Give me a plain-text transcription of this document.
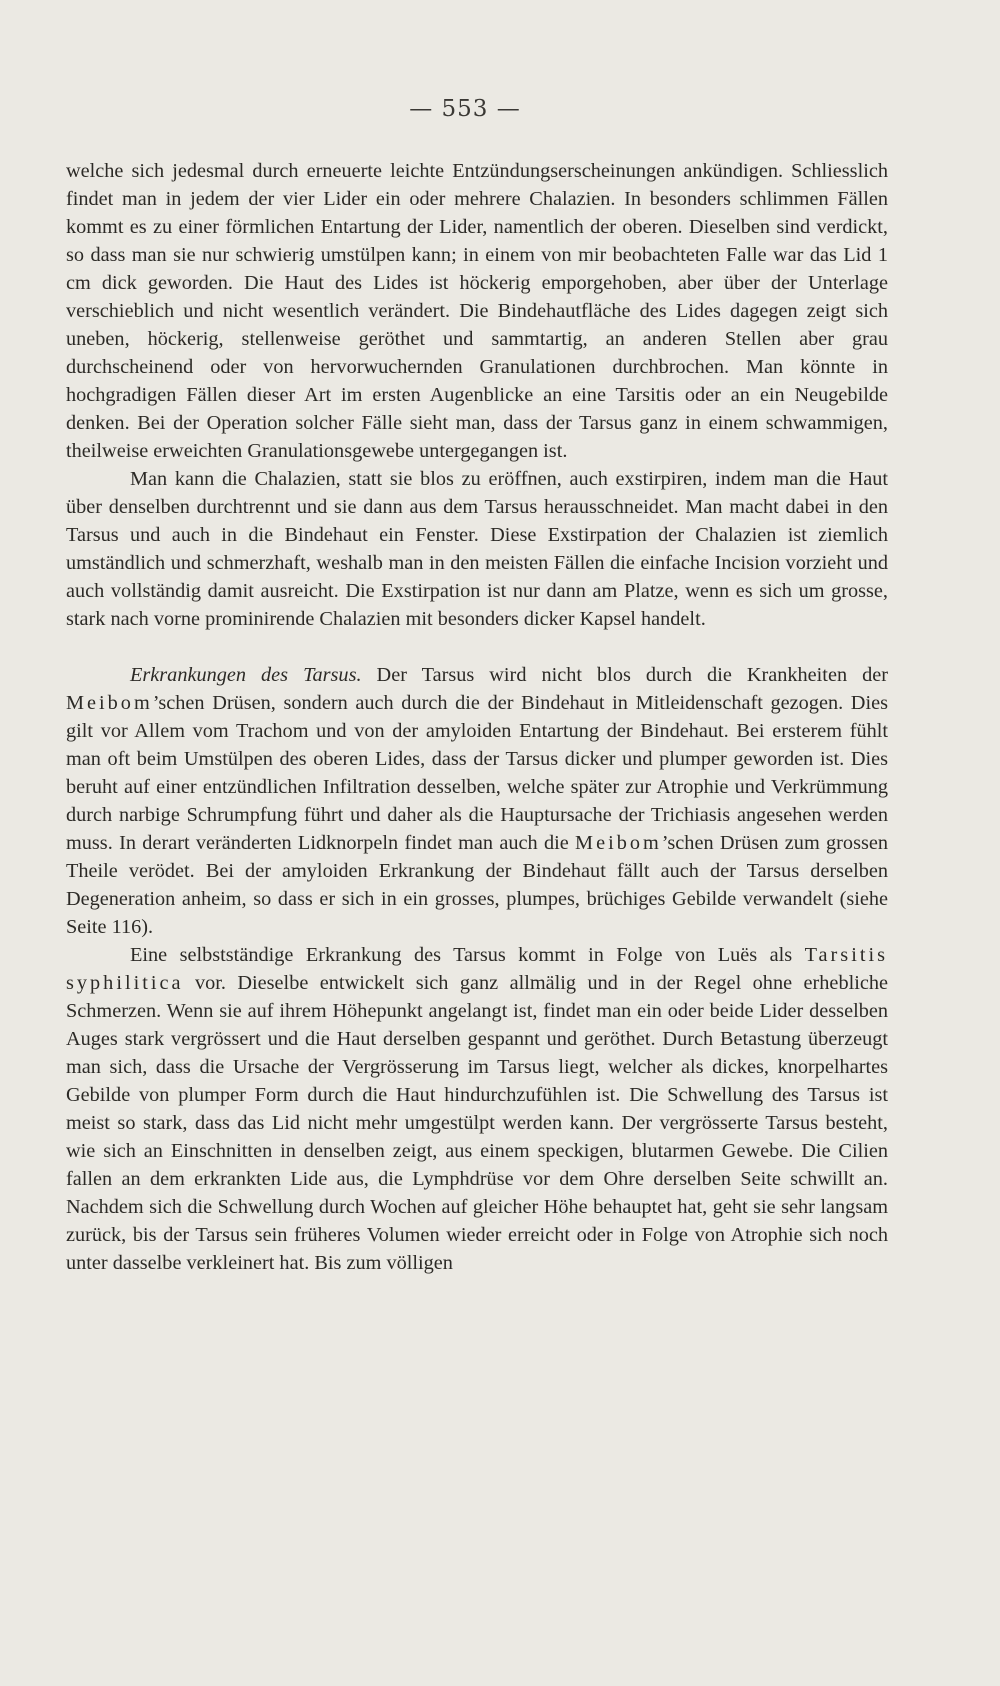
— 553 —

welche sich jedesmal durch erneuerte leichte Entzündungserscheinungen ankündigen. Schliesslich findet man in jedem der vier Lider ein oder mehrere Chalazien. In besonders schlimmen Fällen kommt es zu einer förmlichen Entartung der Lider, namentlich der oberen. Dieselben sind verdickt, so dass man sie nur schwierig umstülpen kann; in einem von mir beobachteten Falle war das Lid 1 cm dick geworden. Die Haut des Lides ist höckerig emporgehoben, aber über der Unterlage verschieblich und nicht wesentlich verändert. Die Bindehautfläche des Lides dagegen zeigt sich uneben, höckerig, stellenweise geröthet und sammtartig, an anderen Stellen aber grau durchscheinend oder von hervorwuchernden Granulationen durchbrochen. Man könnte in hochgradigen Fällen dieser Art im ersten Augenblicke an eine Tarsitis oder an ein Neugebilde denken. Bei der Operation solcher Fälle sieht man, dass der Tarsus ganz in einem schwammigen, theilweise erweichten Granulationsgewebe untergegangen ist.

Man kann die Chalazien, statt sie blos zu eröffnen, auch exstirpiren, indem man die Haut über denselben durchtrennt und sie dann aus dem Tarsus herausschneidet. Man macht dabei in den Tarsus und auch in die Bindehaut ein Fenster. Diese Exstirpation der Chalazien ist ziemlich umständlich und schmerzhaft, weshalb man in den meisten Fällen die einfache Incision vorzieht und auch vollständig damit ausreicht. Die Exstirpation ist nur dann am Platze, wenn es sich um grosse, stark nach vorne prominirende Chalazien mit besonders dicker Kapsel handelt.

Erkrankungen des Tarsus. Der Tarsus wird nicht blos durch die Krankheiten der Meibom’schen Drüsen, sondern auch durch die der Bindehaut in Mitleidenschaft gezogen. Dies gilt vor Allem vom Trachom und von der amyloiden Entartung der Bindehaut. Bei ersterem fühlt man oft beim Umstülpen des oberen Lides, dass der Tarsus dicker und plumper geworden ist. Dies beruht auf einer entzündlichen Infiltration desselben, welche später zur Atrophie und Verkrümmung durch narbige Schrumpfung führt und daher als die Hauptursache der Trichiasis angesehen werden muss. In derart veränderten Lidknorpeln findet man auch die Meibom’schen Drüsen zum grossen Theile verödet. Bei der amyloiden Erkrankung der Bindehaut fällt auch der Tarsus derselben Degeneration anheim, so dass er sich in ein grosses, plumpes, brüchiges Gebilde verwandelt (siehe Seite 116).

Eine selbstständige Erkrankung des Tarsus kommt in Folge von Luës als Tarsitis syphilitica vor. Dieselbe entwickelt sich ganz allmälig und in der Regel ohne erhebliche Schmerzen. Wenn sie auf ihrem Höhepunkt angelangt ist, findet man ein oder beide Lider desselben Auges stark vergrössert und die Haut derselben gespannt und geröthet. Durch Betastung überzeugt man sich, dass die Ursache der Vergrösserung im Tarsus liegt, welcher als dickes, knorpelhartes Gebilde von plumper Form durch die Haut hindurchzufühlen ist. Die Schwellung des Tarsus ist meist so stark, dass das Lid nicht mehr umgestülpt werden kann. Der vergrösserte Tarsus besteht, wie sich an Einschnitten in denselben zeigt, aus einem speckigen, blutarmen Gewebe. Die Cilien fallen an dem erkrankten Lide aus, die Lymphdrüse vor dem Ohre derselben Seite schwillt an. Nachdem sich die Schwellung durch Wochen auf gleicher Höhe behauptet hat, geht sie sehr langsam zurück, bis der Tarsus sein früheres Volumen wieder erreicht oder in Folge von Atrophie sich noch unter dasselbe verkleinert hat. Bis zum völligen
